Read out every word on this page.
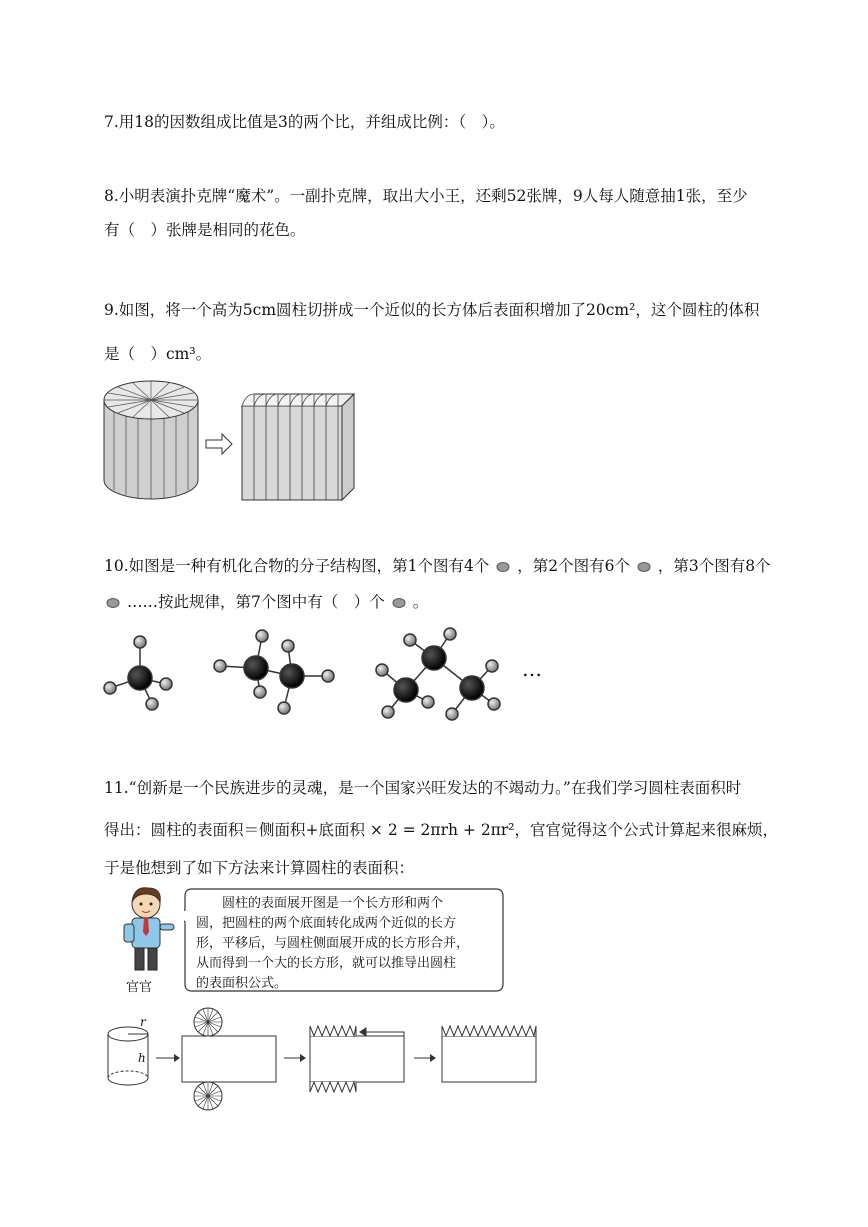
7.用18的因数组成比值是3的两个比，并组成比例：（　）。
8.小明表演扑克牌“魔术”。一副扑克牌，取出大小王，还剩52张牌，9人每人随意抽1张，至少
有（　）张牌是相同的花色。
9.如图，将一个高为5cm圆柱切拼成一个近似的长方体后表面积增加了20cm²，这个圆柱的体积
是（　）cm³。
10.如图是一种有机化合物的分子结构图，第1个图有4个 ，第2个图有6个 ，第3个图有8个
……按此规律，第7个图中有（　）个 。
…
11.“创新是一个民族进步的灵魂，是一个国家兴旺发达的不竭动力。”在我们学习圆柱表面积时
得出：圆柱的表面积＝侧面积+底面积 × 2 = 2πrh + 2πr²，官官觉得这个公式计算起来很麻烦，
于是他想到了如下方法来计算圆柱的表面积：
官官
　　圆柱的表面展开图是一个长方形和两个
圆，把圆柱的两个底面转化成两个近似的长方
形，平移后，与圆柱侧面展开成的长方形合并，
从而得到一个大的长方形，就可以推导出圆柱
的表面积公式。
r
h
